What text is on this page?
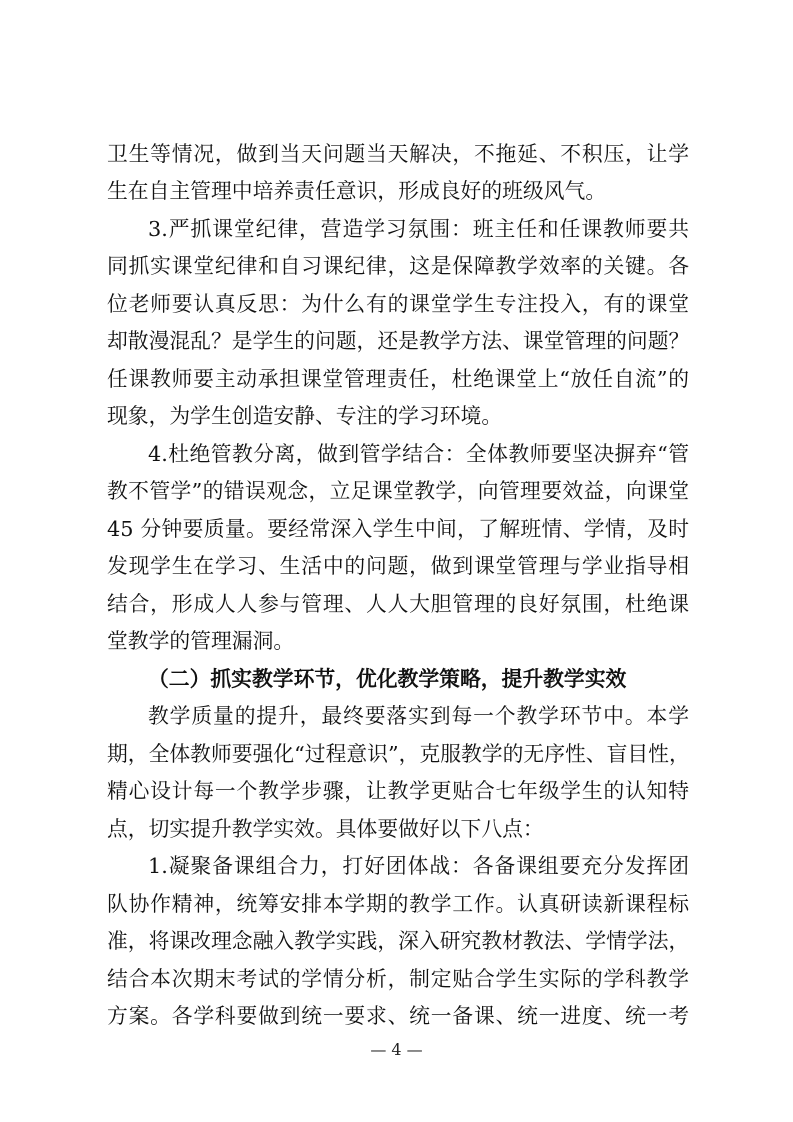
卫生等情况，做到当天问题当天解决，不拖延、不积压，让学
生在自主管理中培养责任意识，形成良好的班级风气。
3.严抓课堂纪律，营造学习氛围：班主任和任课教师要共
同抓实课堂纪律和自习课纪律，这是保障教学效率的关键。各
位老师要认真反思：为什么有的课堂学生专注投入，有的课堂
却散漫混乱？是学生的问题，还是教学方法、课堂管理的问题？
任课教师要主动承担课堂管理责任，杜绝课堂上“放任自流”的
现象，为学生创造安静、专注的学习环境。
4.杜绝管教分离，做到管学结合：全体教师要坚决摒弃“管
教不管学”的错误观念，立足课堂教学，向管理要效益，向课堂
45 分钟要质量。要经常深入学生中间，了解班情、学情，及时
发现学生在学习、生活中的问题，做到课堂管理与学业指导相
结合，形成人人参与管理、人人大胆管理的良好氛围，杜绝课
堂教学的管理漏洞。
（二）抓实教学环节，优化教学策略，提升教学实效
教学质量的提升，最终要落实到每一个教学环节中。本学
期，全体教师要强化“过程意识”，克服教学的无序性、盲目性，
精心设计每一个教学步骤，让教学更贴合七年级学生的认知特
点，切实提升教学实效。具体要做好以下八点：
1.凝聚备课组合力，打好团体战：各备课组要充分发挥团
队协作精神，统筹安排本学期的教学工作。认真研读新课程标
准，将课改理念融入教学实践，深入研究教材教法、学情学法，
结合本次期末考试的学情分析，制定贴合学生实际的学科教学
方案。各学科要做到统一要求、统一备课、统一进度、统一考
— 4 —
